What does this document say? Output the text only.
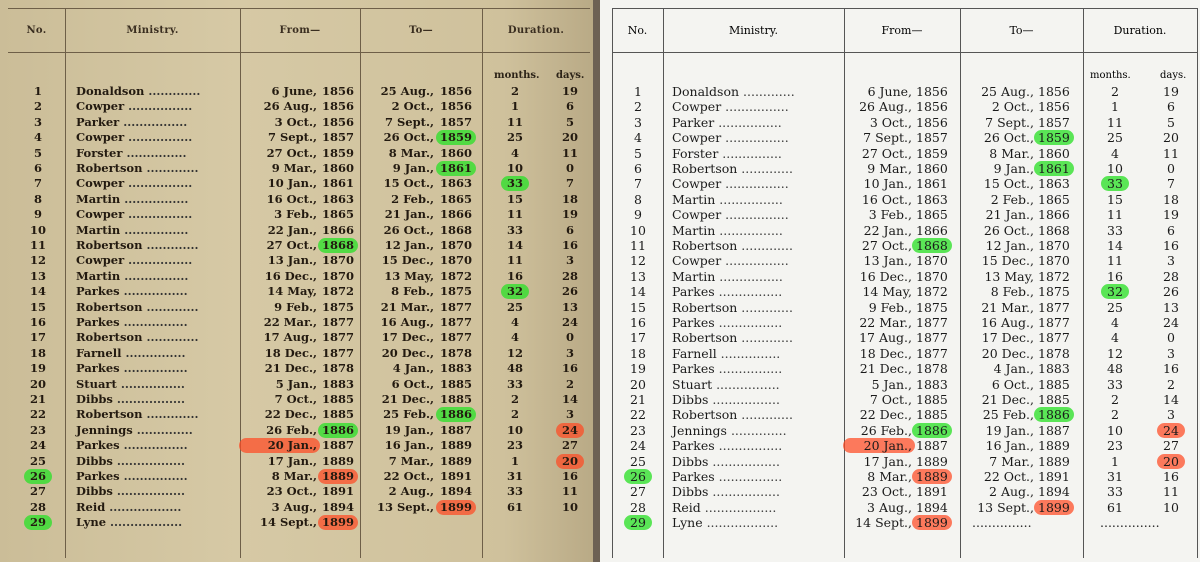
No.	Ministry.	From—	To—	Duration.
months. days.
1	Donaldson .............	6 June, 1856	25 Aug., 1856	2	19
2	Cowper ................	26 Aug., 1856	2 Oct., 1856	1	6
3	Parker ................	3 Oct., 1856	7 Sept., 1857	11	5
4	Cowper ................	7 Sept., 1857	26 Oct., 1859	25	20
5	Forster ...............	27 Oct., 1859	8 Mar., 1860	4	11
6	Robertson .............	9 Mar., 1860	9 Jan., 1861	10	0
7	Cowper ................	10 Jan., 1861	15 Oct., 1863	33	7
8	Martin ................	16 Oct., 1863	2 Feb., 1865	15	18
9	Cowper ................	3 Feb., 1865	21 Jan., 1866	11	19
10	Martin ................	22 Jan., 1866	26 Oct., 1868	33	6
11	Robertson .............	27 Oct., 1868	12 Jan., 1870	14	16
12	Cowper ................	13 Jan., 1870	15 Dec., 1870	11	3
13	Martin ................	16 Dec., 1870	13 May, 1872	16	28
14	Parkes ................	14 May, 1872	8 Feb., 1875	32	26
15	Robertson .............	9 Feb., 1875	21 Mar., 1877	25	13
16	Parkes ................	22 Mar., 1877	16 Aug., 1877	4	24
17	Robertson .............	17 Aug., 1877	17 Dec., 1877	4	0
18	Farnell ...............	18 Dec., 1877	20 Dec., 1878	12	3
19	Parkes ................	21 Dec., 1878	4 Jan., 1883	48	16
20	Stuart ................	5 Jan., 1883	6 Oct., 1885	33	2
21	Dibbs .................	7 Oct., 1885	21 Dec., 1885	2	14
22	Robertson .............	22 Dec., 1885	25 Feb., 1886	2	3
23	Jennings ..............	26 Feb., 1886	19 Jan., 1887	10	24
24	Parkes ................	20 Jan., 1887	16 Jan., 1889	23	27
25	Dibbs .................	17 Jan., 1889	7 Mar., 1889	1	20
26	Parkes ................	8 Mar., 1889	22 Oct., 1891	31	16
27	Dibbs .................	23 Oct., 1891	2 Aug., 1894	33	11
28	Reid ..................	3 Aug., 1894	13 Sept., 1899	61	10
29	Lyne ..................	14 Sept., 1899
No.	Ministry.	From—	To—	Duration.
months.	days.
1	Donaldson .............	6 June, 1856	25 Aug., 1856	2	19
2	Cowper ................	26 Aug., 1856	2 Oct., 1856	1	6
3	Parker ................	3 Oct., 1856	7 Sept., 1857	11	5
4	Cowper ................	7 Sept., 1857	26 Oct., 1859	25	20
5	Forster ...............	27 Oct., 1859	8 Mar., 1860	4	11
6	Robertson .............	9 Mar., 1860	9 Jan., 1861	10	0
7	Cowper ................	10 Jan., 1861	15 Oct., 1863	33	7
8	Martin ................	16 Oct., 1863	2 Feb., 1865	15	18
9	Cowper ................	3 Feb., 1865	21 Jan., 1866	11	19
10	Martin ................	22 Jan., 1866	26 Oct., 1868	33	6
11	Robertson .............	27 Oct., 1868	12 Jan., 1870	14	16
12	Cowper ................	13 Jan., 1870	15 Dec., 1870	11	3
13	Martin ................	16 Dec., 1870	13 May, 1872	16	28
14	Parkes ................	14 May, 1872	8 Feb., 1875	32	26
15	Robertson .............	9 Feb., 1875	21 Mar., 1877	25	13
16	Parkes ................	22 Mar., 1877	16 Aug., 1877	4	24
17	Robertson .............	17 Aug., 1877	17 Dec., 1877	4	0
18	Farnell ...............	18 Dec., 1877	20 Dec., 1878	12	3
19	Parkes ................	21 Dec., 1878	4 Jan., 1883	48	16
20	Stuart ................	5 Jan., 1883	6 Oct., 1885	33	2
21	Dibbs .................	7 Oct., 1885	21 Dec., 1885	2	14
22	Robertson .............	22 Dec., 1885	25 Feb., 1886	2	3
23	Jennings ..............	26 Feb., 1886	19 Jan., 1887	10	24
24	Parkes ................	20 Jan., 1887	16 Jan., 1889	23	27
25	Dibbs .................	17 Jan., 1889	7 Mar., 1889	1	20
26	Parkes ................	8 Mar., 1889	22 Oct., 1891	31	16
27	Dibbs .................	23 Oct., 1891	2 Aug., 1894	33	11
28	Reid ..................	3 Aug., 1894	13 Sept., 1899	61	10
29	Lyne ..................	14 Sept., 1899	...............	...............
